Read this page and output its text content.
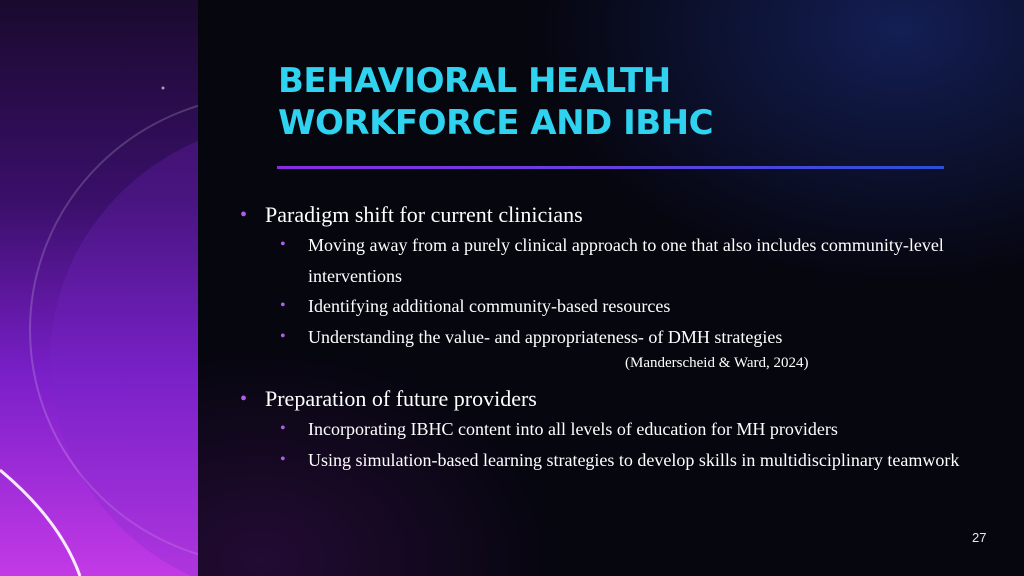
BEHAVIORAL HEALTH WORKFORCE AND IBHC
• Paradigm shift for current clinicians
• Moving away from a purely clinical approach to one that also includes community-level interventions
• Identifying additional community-based resources
• Understanding the value- and appropriateness- of DMH strategies
(Manderscheid & Ward, 2024)
• Preparation of future providers
• Incorporating IBHC content into all levels of education for MH providers
• Using simulation-based learning strategies to develop skills in multidisciplinary teamwork
27
